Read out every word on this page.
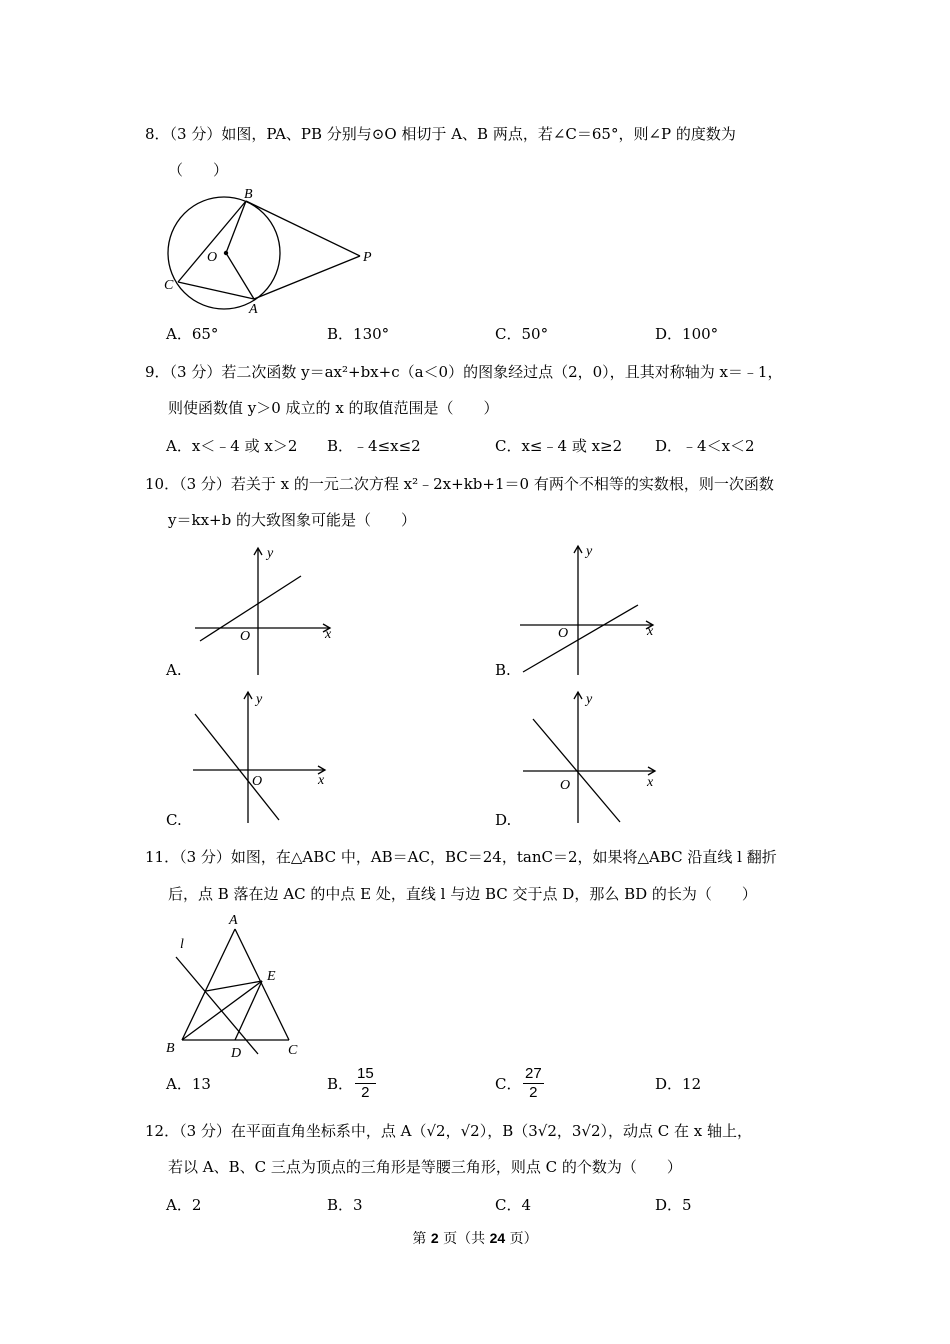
8．（3 分）如图，PA、PB 分别与⊙O 相切于 A、B 两点，若∠C＝65°，则∠P 的度数为
（　　）
B
O	P
C
A
A．65°	B．130°	C．50°	D．100°
9．（3 分）若二次函数 y＝ax²+bx+c（a＜0）的图象经过点（2，0），且其对称轴为 x＝﹣1，
则使函数值 y＞0 成立的 x 的取值范围是（　　）
A．x＜﹣4 或 x＞2 B．﹣4≤x≤2	C．x≤﹣4 或 x≥2 D．﹣4＜x＜2
10．（3 分）若关于 x 的一元二次方程 x²﹣2x+kb+1＝0 有两个不相等的实数根，则一次函数
y＝kx+b 的大致图象可能是（　　）
y
x
O
A.
y
x
O
B.
y
x
O
C.
y
x
O
D.
11．（3 分）如图，在△ABC 中，AB＝AC，BC＝24，tanC＝2，如果将△ABC 沿直线 l 翻折
后，点 B 落在边 AC 的中点 E 处，直线 l 与边 BC 交于点 D，那么 BD 的长为（　　）
A
l
E
B	D	C
A．13	B． $\frac{15}{2}$	C． $\frac{27}{2}$	D．12
12．（3 分）在平面直角坐标系中，点 A（√2，√2），B（3√2，3√2），动点 C 在 x 轴上，
若以 A、B、C 三点为顶点的三角形是等腰三角形，则点 C 的个数为（　　）
A．2	B．3	C．4	D．5
第 2 页（共 24 页）
